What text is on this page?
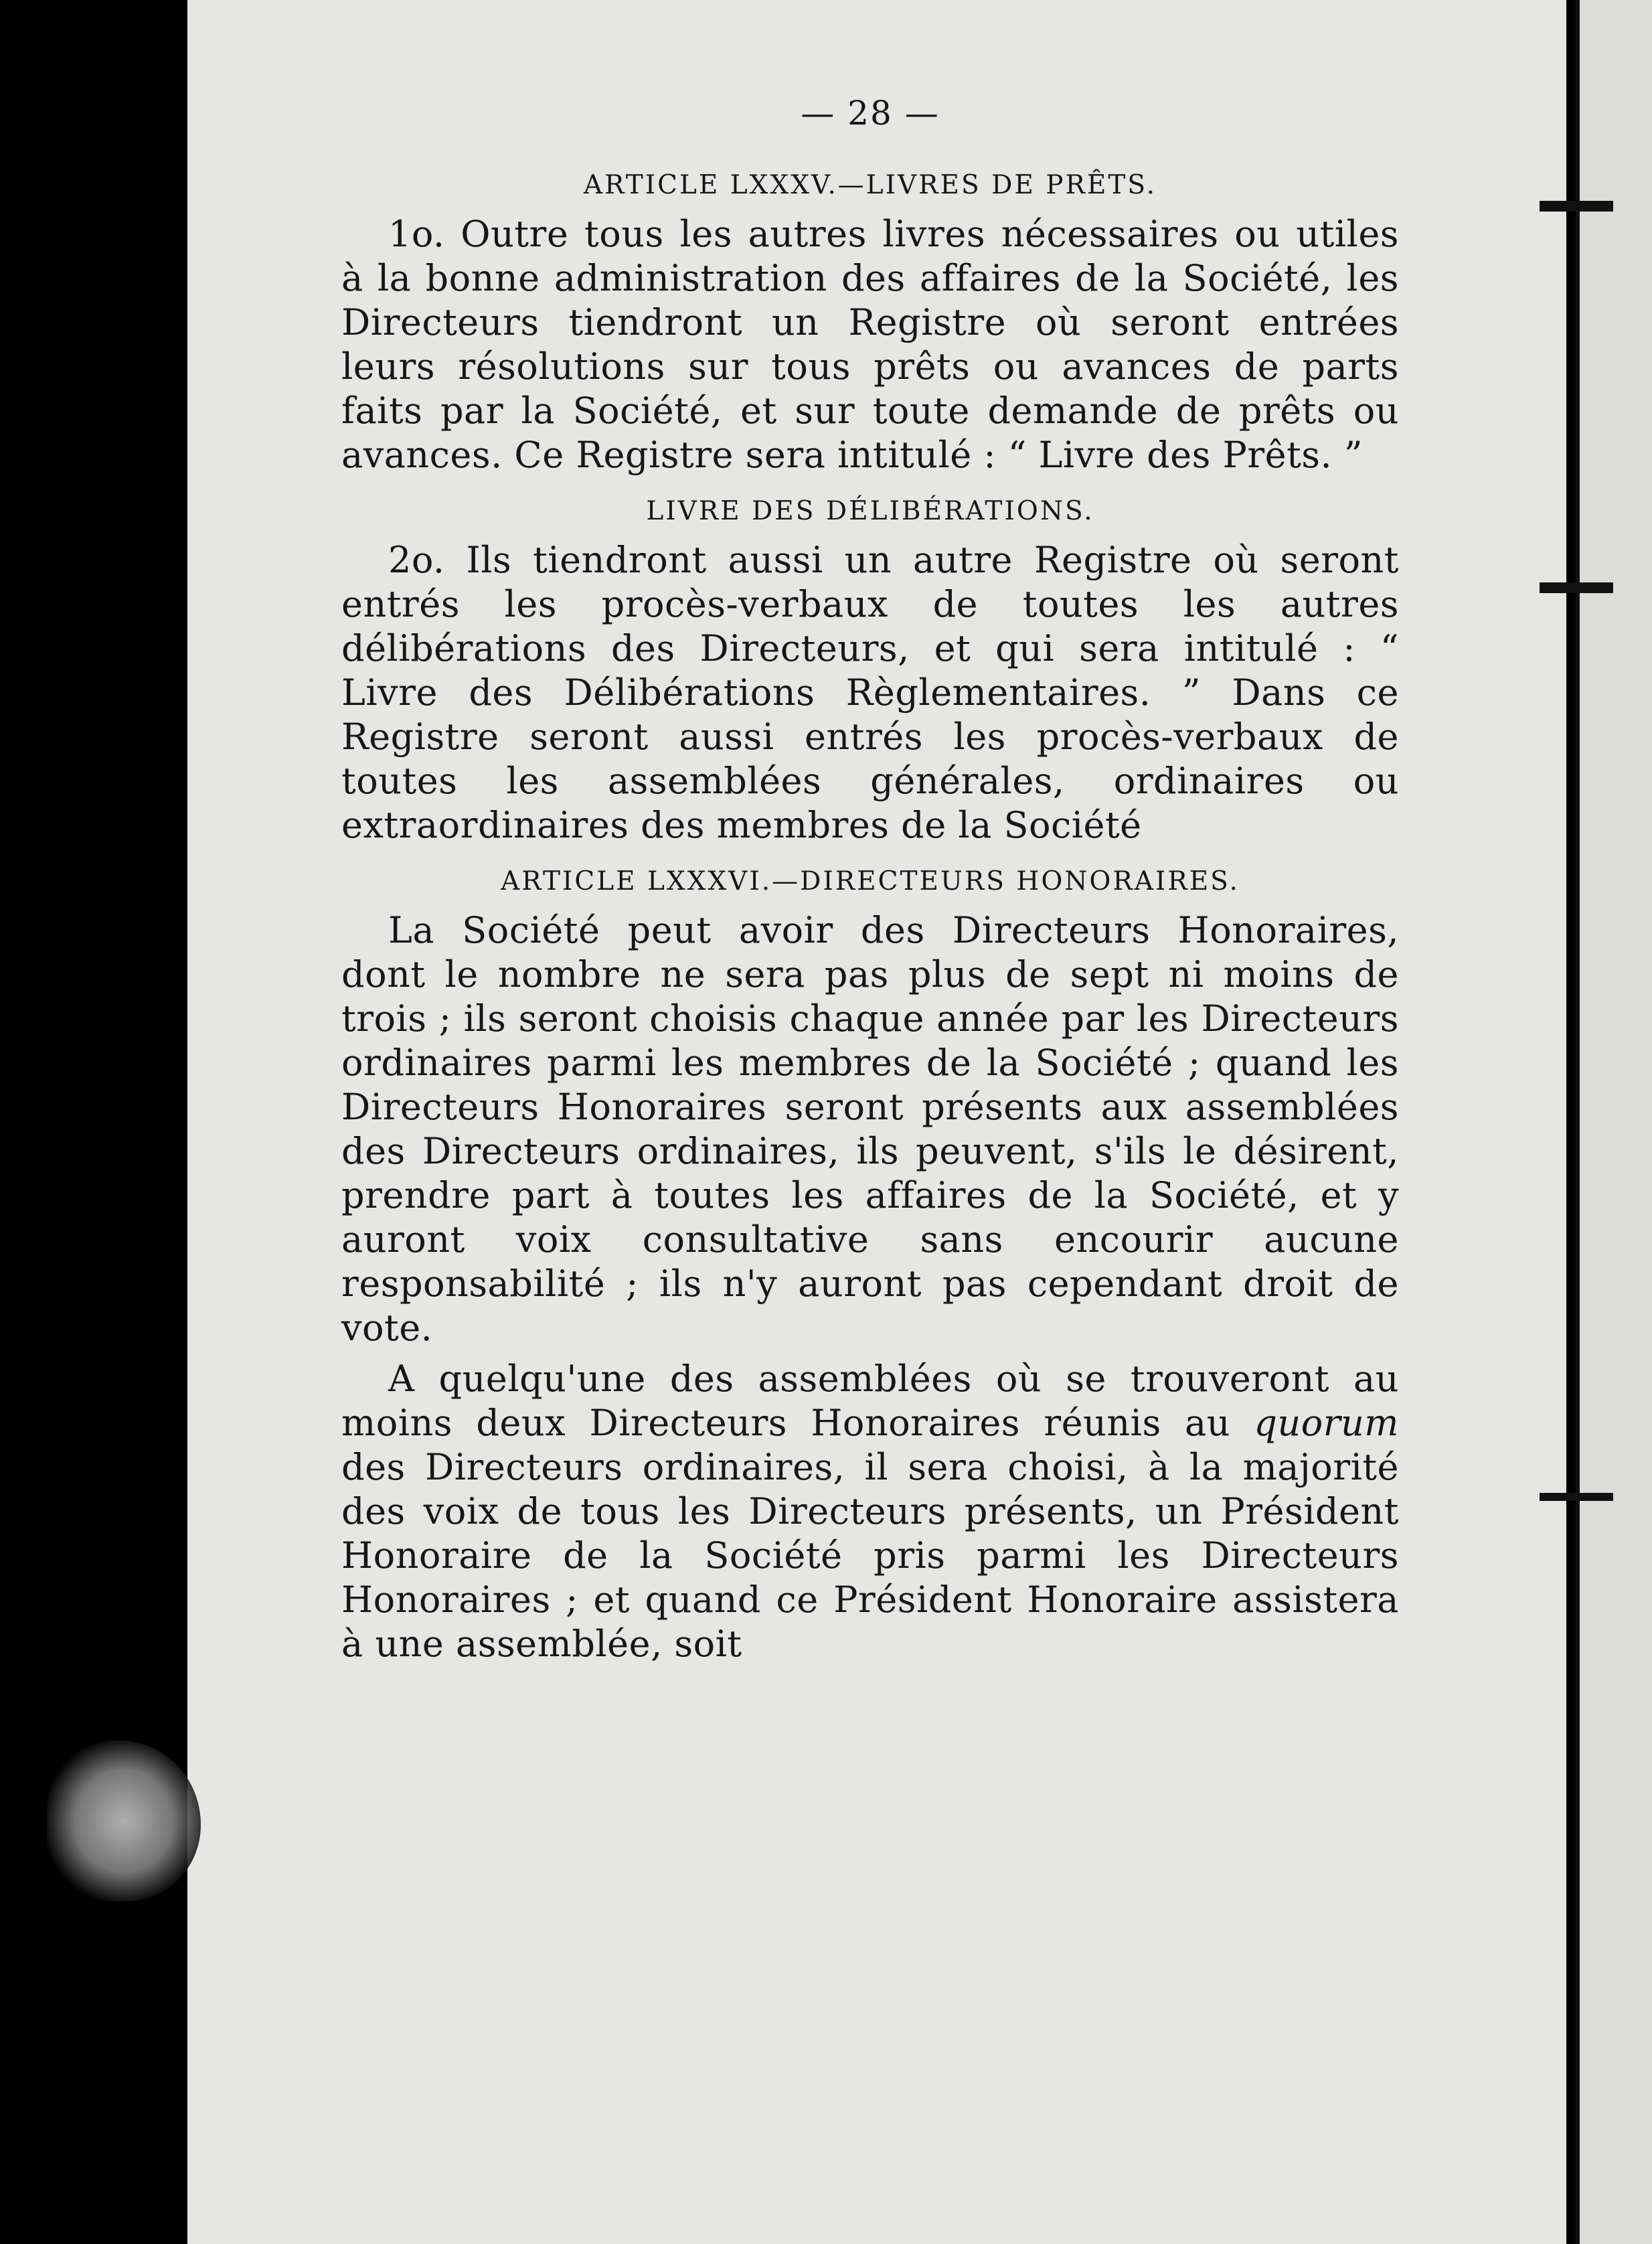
— 28 —
ARTICLE LXXXV.—LIVRES DE PRÊTS.

1o. Outre tous les autres livres nécessaires ou utiles à la bonne administration des affaires de la Société, les Directeurs tiendront un Registre où seront entrées leurs résolutions sur tous prêts ou avances de parts faits par la Société, et sur toute demande de prêts ou avances. Ce Registre sera intitulé : “ Livre des Prêts. ”

LIVRE DES DÉLIBÉRATIONS.

2o. Ils tiendront aussi un autre Registre où seront entrés les procès-verbaux de toutes les autres délibérations des Directeurs, et qui sera intitulé : “ Livre des Délibérations Règlementaires. ” Dans ce Registre seront aussi entrés les procès-verbaux de toutes les assemblées générales, ordinaires ou extraordinaires des membres de la Société

ARTICLE LXXXVI.—DIRECTEURS HONORAIRES.

La Société peut avoir des Directeurs Honoraires, dont le nombre ne sera pas plus de sept ni moins de trois ; ils seront choisis chaque année par les Directeurs ordinaires parmi les membres de la Société ; quand les Directeurs Honoraires seront présents aux assemblées des Directeurs ordinaires, ils peuvent, s'ils le désirent, prendre part à toutes les affaires de la Société, et y auront voix consultative sans encourir aucune responsabilité ; ils n'y auront pas cependant droit de vote.

A quelqu'une des assemblées où se trouveront au moins deux Directeurs Honoraires réunis au quorum des Directeurs ordinaires, il sera choisi, à la majorité des voix de tous les Directeurs présents, un Président Honoraire de la Société pris parmi les Directeurs Honoraires ; et quand ce Président Honoraire assistera à une assemblée, soit
